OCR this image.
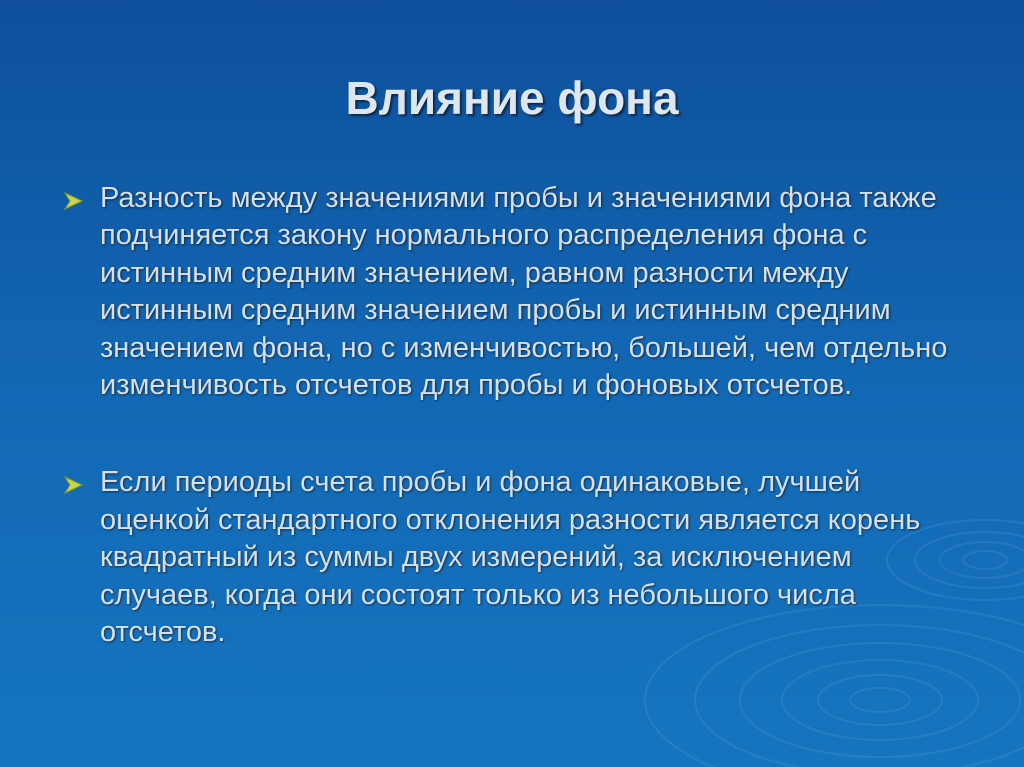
Влияние фона
Разность между значениями пробы и значениями фона также подчиняется закону нормального распределения фона с истинным средним значением, равном разности между истинным средним значением пробы и истинным средним значением фона, но с изменчивостью, большей, чем отдельно изменчивость отсчетов для пробы и фоновых отсчетов.
Если периоды счета пробы и фона одинаковые, лучшей оценкой стандартного отклонения разности является корень квадратный из суммы двух измерений, за исключением случаев, когда они состоят только из небольшого числа отсчетов.
